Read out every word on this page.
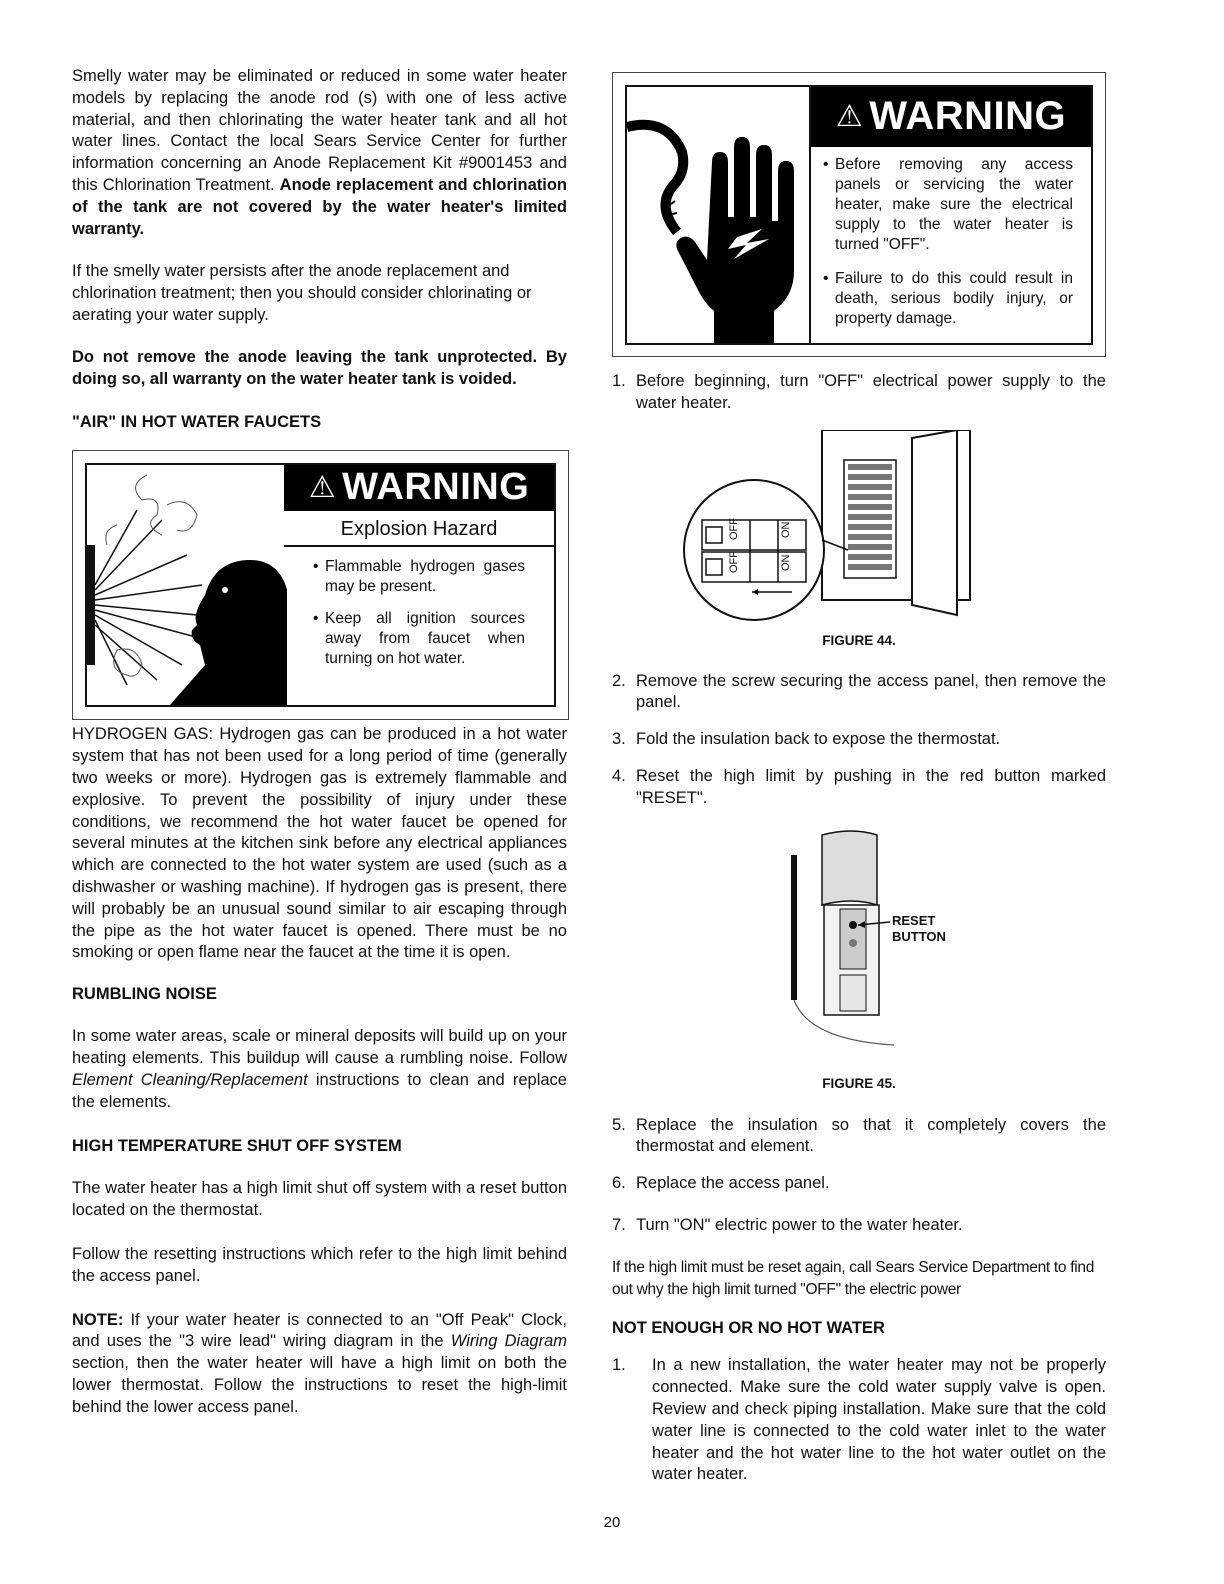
Smelly water may be eliminated or reduced in some water heater models by replacing the anode rod (s) with one of less active material, and then chlorinating the water heater tank and all hot water lines. Contact the local Sears Service Center for further information concerning an Anode Replacement Kit #9001453 and this Chlorination Treatment. Anode replacement and chlorination of the tank are not covered by the water heater's limited warranty.

If the smelly water persists after the anode replacement and chlorination treatment; then you should consider chlorinating or aerating your water supply.

Do not remove the anode leaving the tank unprotected. By doing so, all warranty on the water heater tank is voided.

"AIR" IN HOT WATER FAUCETS
⚠ WARNING
Explosion Hazard
• Flammable hydrogen gases may be present.
• Keep all ignition sources away from faucet when turning on hot water.

HYDROGEN GAS: Hydrogen gas can be produced in a hot water system that has not been used for a long period of time (generally two weeks or more). Hydrogen gas is extremely flammable and explosive. To prevent the possibility of injury under these conditions, we recommend the hot water faucet be opened for several minutes at the kitchen sink before any electrical appliances which are connected to the hot water system are used (such as a dishwasher or washing machine). If hydrogen gas is present, there will probably be an unusual sound similar to air escaping through the pipe as the hot water faucet is opened. There must be no smoking or open flame near the faucet at the time it is open.

RUMBLING NOISE

In some water areas, scale or mineral deposits will build up on your heating elements. This buildup will cause a rumbling noise. Follow Element Cleaning/Replacement instructions to clean and replace the elements.

HIGH TEMPERATURE SHUT OFF SYSTEM

The water heater has a high limit shut off system with a reset button located on the thermostat.

Follow the resetting instructions which refer to the high limit behind the access panel.

NOTE: If your water heater is connected to an "Off Peak" Clock, and uses the "3 wire lead" wiring diagram in the Wiring Diagram section, then the water heater will have a high limit on both the lower thermostat. Follow the instructions to reset the high-limit behind the lower access panel.

⚠ WARNING
• Before removing any access panels or servicing the water heater, make sure the electrical supply to the water heater is turned "OFF".
• Failure to do this could result in death, serious bodily injury, or property damage.
1. Before beginning, turn "OFF" electrical power supply to the water heater.
OFF
OFF
ON
ON

FIGURE 44.

2. Remove the screw securing the access panel, then remove the panel.
3. Fold the insulation back to expose the thermostat.
4. Reset the high limit by pushing in the red button marked "RESET".
RESET
BUTTON

FIGURE 45.

5. Replace the insulation so that it completely covers the thermostat and element.
6. Replace the access panel.
7. Turn "ON" electric power to the water heater.

If the high limit must be reset again, call Sears Service Department to find out why the high limit turned "OFF" the electric power

NOT ENOUGH OR NO HOT WATER
1.	In a new installation, the water heater may not be properly connected. Make sure the cold water supply valve is open. Review and check piping installation. Make sure that the cold water line is connected to the cold water inlet to the water heater and the hot water line to the hot water outlet on the water heater.
20
